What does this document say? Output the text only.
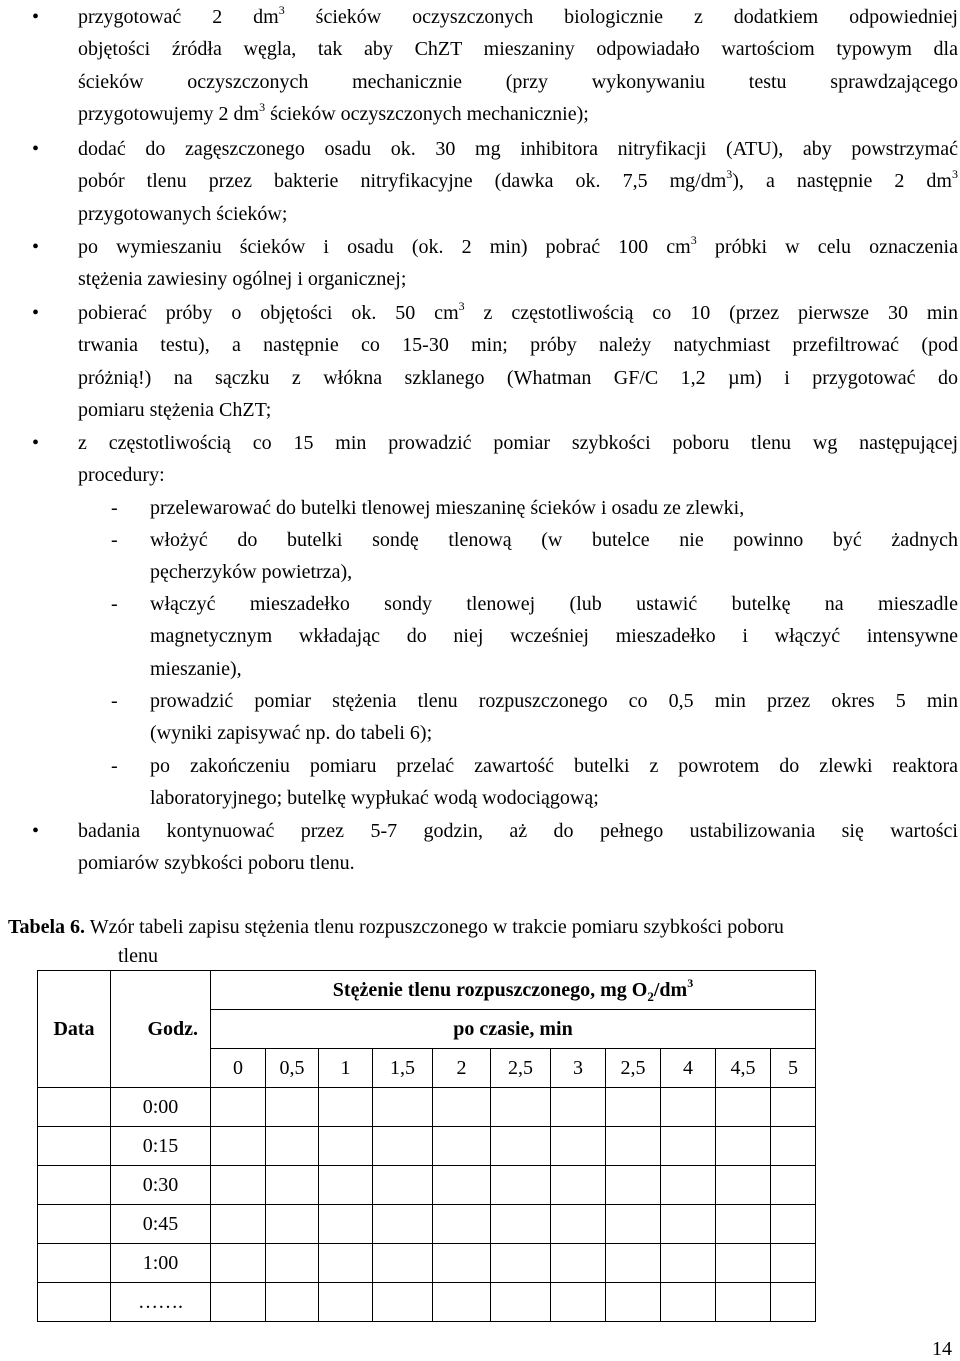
• przygotować 2 $dm^3$ ścieków oczyszczonych biologicznie z dodatkiem odpowiedniej
objętości źródła węgla, tak aby ChZT mieszaniny odpowiadało wartościom typowym dla
ścieków oczyszczonych mechanicznie (przy wykonywaniu testu sprawdzającego
przygotowujemy 2 $dm^3$ ścieków oczyszczonych mechanicznie);
• dodać do zagęszczonego osadu ok. 30 mg inhibitora nitryfikacji (ATU), aby powstrzymać
pobór tlenu przez bakterie nitryfikacyjne (dawka ok. 7,5 $mg/dm^3$), a następnie 2 $dm^3$
przygotowanych ścieków;
• po wymieszaniu ścieków i osadu (ok. 2 min) pobrać 100 $cm^3$ próbki w celu oznaczenia
stężenia zawiesiny ogólnej i organicznej;
• pobierać próby o objętości ok. 50 $cm^3$ z częstotliwością co 10 (przez pierwsze 30 min
trwania testu), a następnie co 15-30 min; próby należy natychmiast przefiltrować (pod
próżnią!) na sączku z włókna szklanego (Whatman GF/C 1,2 µm) i przygotować do
pomiaru stężenia ChZT;
• z częstotliwością co 15 min prowadzić pomiar szybkości poboru tlenu wg następującej
procedury:
- przelewarować do butelki tlenowej mieszaninę ścieków i osadu ze zlewki,
- włożyć do butelki sondę tlenową (w butelce nie powinno być żadnych
pęcherzyków powietrza),
- włączyć mieszadełko sondy tlenowej (lub ustawić butelkę na mieszadle
magnetycznym wkładając do niej wcześniej mieszadełko i włączyć intensywne
mieszanie),
- prowadzić pomiar stężenia tlenu rozpuszczonego co 0,5 min przez okres 5 min
(wyniki zapisywać np. do tabeli 6);
- po zakończeniu pomiaru przelać zawartość butelki z powrotem do zlewki reaktora
laboratoryjnego; butelkę wypłukać wodą wodociągową;
• badania kontynuować przez 5-7 godzin, aż do pełnego ustabilizowania się wartości
pomiarów szybkości poboru tlenu.
Tabela 6. Wzór tabeli zapisu stężenia tlenu rozpuszczonego w trakcie pomiaru szybkości poboru
tlenu
Data	Godz.	Stężenie tlenu rozpuszczonego, mg $O_2/dm^3$
		po czasie, min										
		0	0,5	1	1,5	2	2,5	3	2,5	4	4,5	5
	0:00											
	0:15											
	0:30											
	0:45											
	1:00											
	…….											
14
